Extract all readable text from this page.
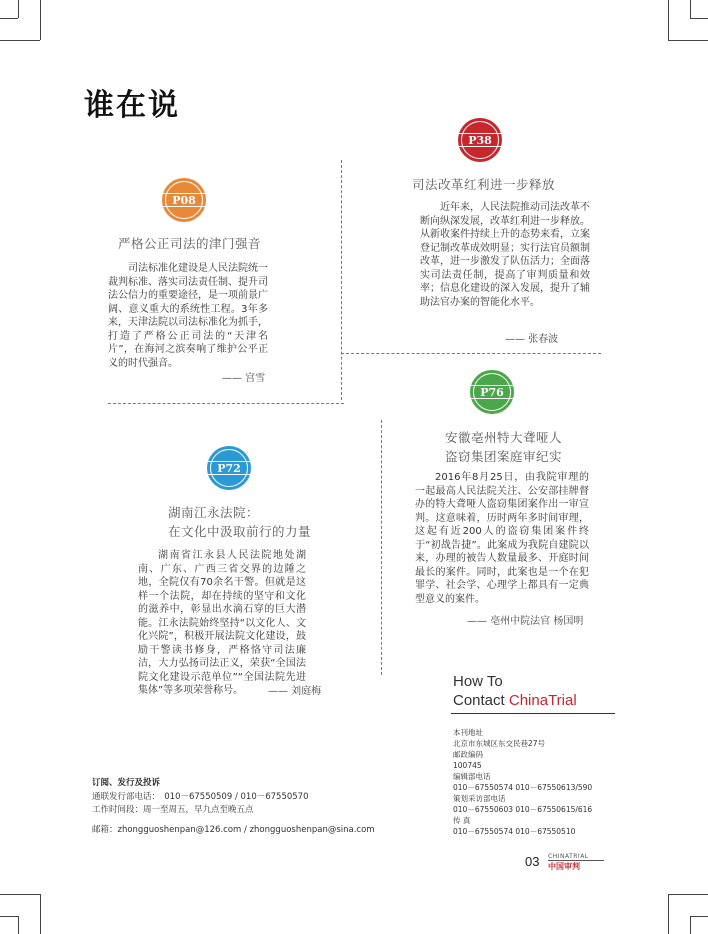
谁在说
P08
严格公正司法的津门强音
司法标准化建设是人民法院统一裁判标准、落实司法责任制、提升司法公信力的重要途径，是一项前景广阔、意义重大的系统性工程。3年多来，天津法院以司法标准化为抓手，打造了严格公正司法的“天津名片”，在海河之滨奏响了维护公平正义的时代强音。
—— 宫雪
P38
司法改革红利进一步释放
近年来，人民法院推动司法改革不断向纵深发展，改革红利进一步释放。从新收案件持续上升的态势来看，立案登记制改革成效明显；实行法官员额制改革，进一步激发了队伍活力；全面落实司法责任制，提高了审判质量和效率；信息化建设的深入发展，提升了辅助法官办案的智能化水平。
—— 张春波
P72
湖南江永法院：
在文化中汲取前行的力量
湖南省江永县人民法院地处湖南、广东、广西三省交界的边陲之地，全院仅有70余名干警。但就是这样一个法院，却在持续的坚守和文化的滋养中，彰显出水滴石穿的巨大潜能。江永法院始终坚持“以文化人、文化兴院”，积极开展法院文化建设，鼓励干警读书修身，严格恪守司法廉洁，大力弘扬司法正义，荣获“全国法院文化建设示范单位”“全国法院先进集体”等多项荣誉称号。	—— 刘庭梅
P76
安徽亳州特大聋哑人
盗窃集团案庭审纪实
2016年8月25日，由我院审理的一起最高人民法院关注、公安部挂牌督办的特大聋哑人盗窃集团案作出一审宣判。这意味着，历时两年多时间审理，这起有近200人的盗窃集团案件终于“初战告捷”。此案成为我院自建院以来，办理的被告人数量最多、开庭时间最长的案件。同时，此案也是一个在犯罪学、社会学、心理学上都具有一定典型意义的案件。
—— 亳州中院法官 杨国明
How To
Contact ChinaTrial
本刊地址
北京市东城区东交民巷27号
邮政编码
100745
编辑部电话
010－67550574 010－67550613/590
策划采访部电话
010－67550603 010－67550615/616
传 真
010－67550574 010－67550510
订阅、发行及投诉
通联发行部电话：　010－67550509 / 010－67550570
工作时间段：周一至周五，早九点至晚五点
邮箱：zhongguoshenpan@126.com / zhongguoshenpan@sina.com
03 CHINATRIAL
中国审判
